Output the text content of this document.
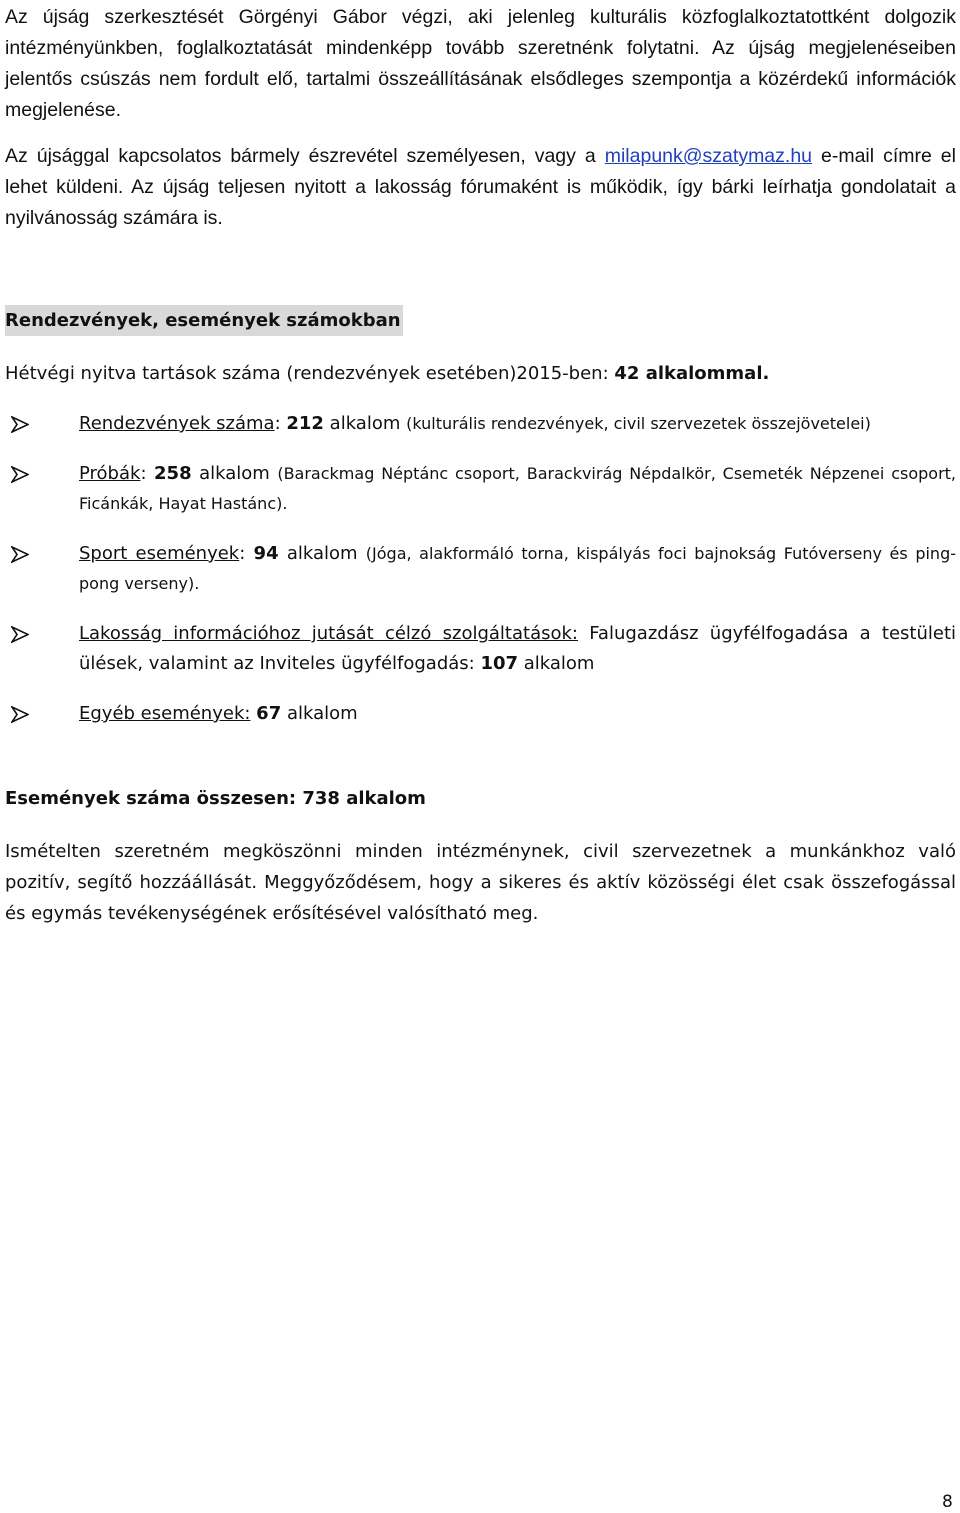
Az újság szerkesztését Görgényi Gábor végzi, aki jelenleg kulturális közfoglalkoztatottként dolgozik intézményünkben, foglalkoztatását mindenképp tovább szeretnénk folytatni. Az újság megjelenéseiben jelentős csúszás nem fordult elő, tartalmi összeállításának elsődleges szempontja a közérdekű információk megjelenése.

Az újsággal kapcsolatos bármely észrevétel személyesen, vagy a milapunk@szatymaz.hu e-mail címre el lehet küldeni. Az újság teljesen nyitott a lakosság fórumaként is működik, így bárki leírhatja gondolatait a nyilvánosság számára is.

Rendezvények, események számokban
Hétvégi nyitva tartások száma (rendezvények esetében)2015-ben: 42 alkalommal.
Rendezvények száma: 212 alkalom (kulturális rendezvények, civil szervezetek összejövetelei)
Próbák: 258 alkalom (Barackmag Néptánc csoport, Barackvirág Népdalkör, Csemeték Népzenei csoport, Ficánkák, Hayat Hastánc).
Sport események: 94 alkalom (Jóga, alakformáló torna, kispályás foci bajnokság Futóverseny és ping-pong verseny).
Lakosság információhoz jutását célzó szolgáltatások: Falugazdász ügyfélfogadása a testületi ülések, valamint az Inviteles ügyfélfogadás: 107 alkalom
Egyéb események: 67 alkalom
Események száma összesen: 738 alkalom

Ismételten szeretném megköszönni minden intézménynek, civil szervezetnek a munkánkhoz való pozitív, segítő hozzáállását. Meggyőződésem, hogy a sikeres és aktív közösségi élet csak összefogással és egymás tevékenységének erősítésével valósítható meg.

8
